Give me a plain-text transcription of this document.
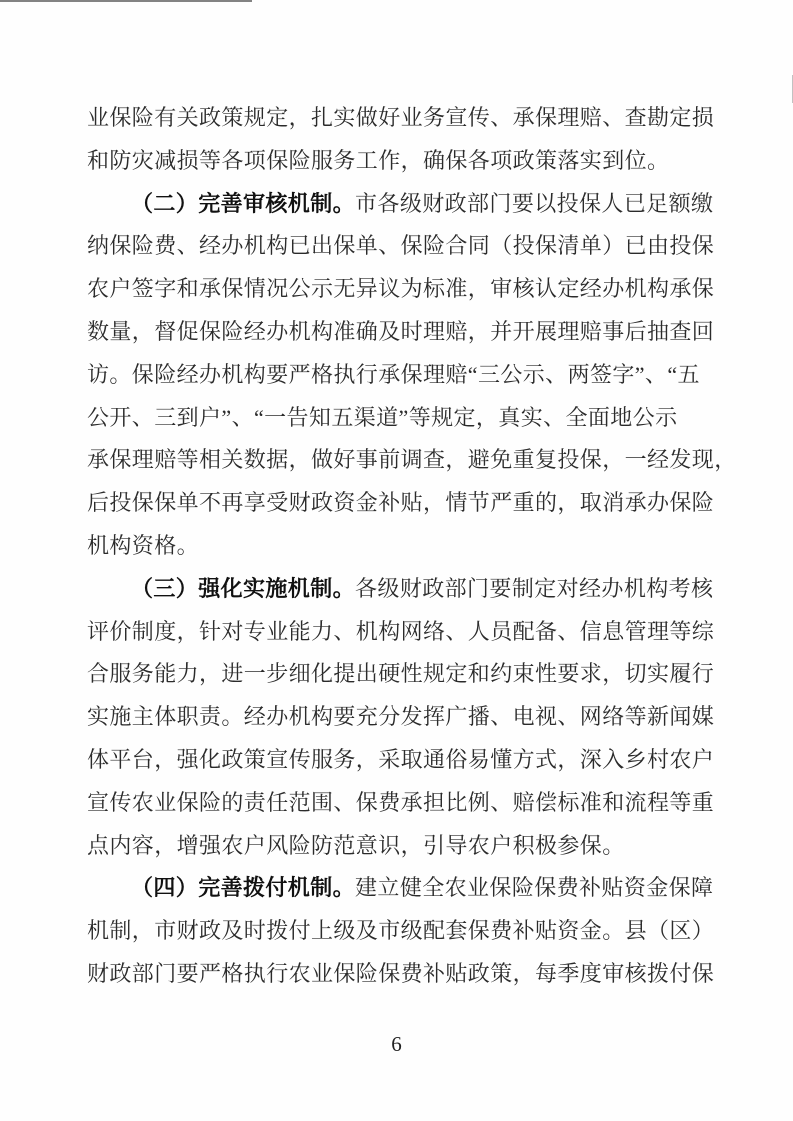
业保险有关政策规定，扎实做好业务宣传、承保理赔、查勘定损
和防灾减损等各项保险服务工作，确保各项政策落实到位。
（二）完善审核机制。市各级财政部门要以投保人已足额缴
纳保险费、经办机构已出保单、保险合同（投保清单）已由投保
农户签字和承保情况公示无异议为标准，审核认定经办机构承保
数量，督促保险经办机构准确及时理赔，并开展理赔事后抽查回
访。保险经办机构要严格执行承保理赔“三公示、两签字”、“五
公开、三到户”、“一告知五渠道”等规定，真实、全面地公示
承保理赔等相关数据，做好事前调查，避免重复投保，一经发现，
后投保保单不再享受财政资金补贴，情节严重的，取消承办保险
机构资格。
（三）强化实施机制。各级财政部门要制定对经办机构考核
评价制度，针对专业能力、机构网络、人员配备、信息管理等综
合服务能力，进一步细化提出硬性规定和约束性要求，切实履行
实施主体职责。经办机构要充分发挥广播、电视、网络等新闻媒
体平台，强化政策宣传服务，采取通俗易懂方式，深入乡村农户
宣传农业保险的责任范围、保费承担比例、赔偿标准和流程等重
点内容，增强农户风险防范意识，引导农户积极参保。
（四）完善拨付机制。建立健全农业保险保费补贴资金保障
机制，市财政及时拨付上级及市级配套保费补贴资金。县（区）
财政部门要严格执行农业保险保费补贴政策，每季度审核拨付保
6
